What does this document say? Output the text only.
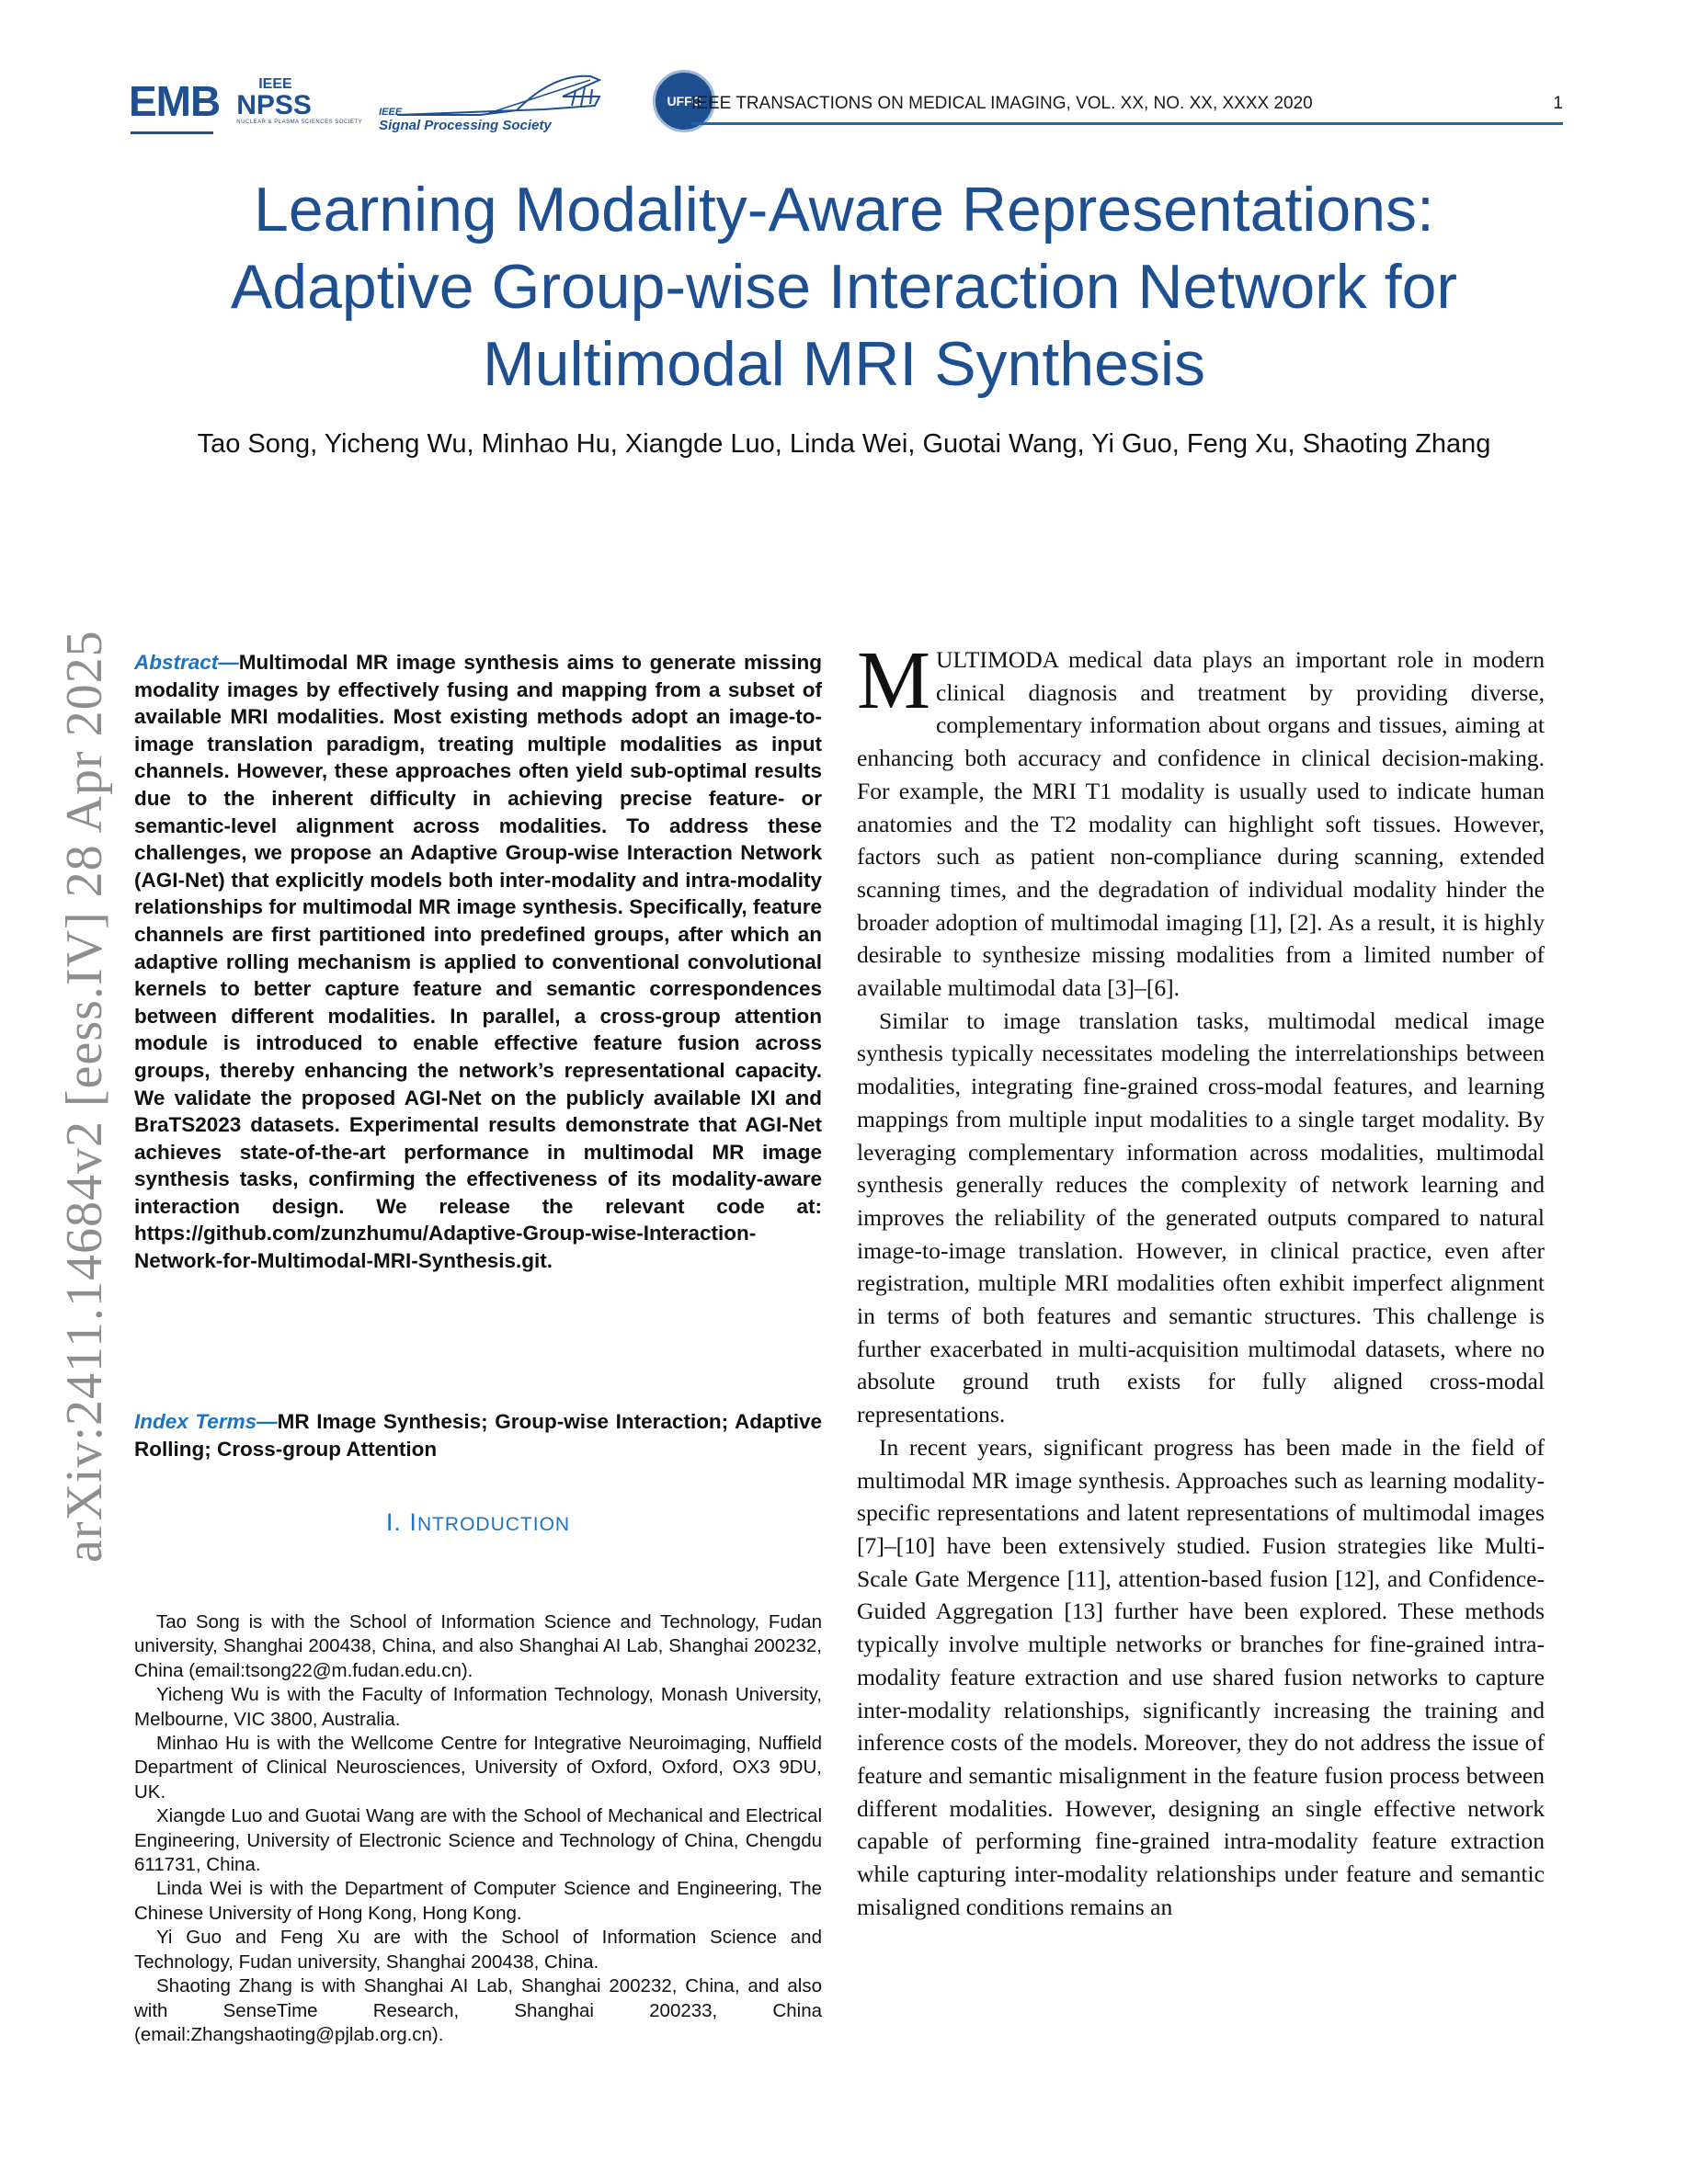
EMB	IEEE
NPSS
NUCLEAR & PLASMA SCIENCES SOCIETY
IEEE
Signal Processing Society
UFFC
IEEE TRANSACTIONS ON MEDICAL IMAGING, VOL. XX, NO. XX, XXXX 2020	1
Learning Modality-Aware Representations:
Adaptive Group-wise Interaction Network for
Multimodal MRI Synthesis
Tao Song, Yicheng Wu, Minhao Hu, Xiangde Luo, Linda Wei, Guotai Wang, Yi Guo, Feng Xu, Shaoting Zhang
arXiv:2411.14684v2 [eess.IV] 28 Apr 2025 Abstract—Multimodal MR image synthesis aims to generate missing modality images by effectively fusing and mapping from a subset of available MRI modalities. Most existing methods adopt an image-to-image translation paradigm, treating multiple modalities as input channels. However, these approaches often yield sub-optimal results due to the inherent difficulty in achieving precise feature- or semantic-level alignment across modalities. To address these challenges, we propose an Adaptive Group-wise Interaction Network (AGI-Net) that explicitly models both inter-modality and intra-modality relationships for multimodal MR image synthesis. Specifically, feature channels are first partitioned into predefined groups, after which an adaptive rolling mechanism is applied to conventional convolutional kernels to better capture feature and semantic correspondences between different modalities. In parallel, a cross-group attention module is introduced to enable effective feature fusion across groups, thereby enhancing the network’s representational capacity. We validate the proposed AGI-Net on the publicly available IXI and BraTS2023 datasets. Experimental results demonstrate that AGI-Net achieves state-of-the-art performance in multimodal MR image synthesis tasks, confirming the effectiveness of its modality-aware interaction design. We release the relevant code at: https://github.com/zunzhumu/Adaptive-Group-wise-Interaction-Network-for-Multimodal-MRI-Synthesis.git.
Index Terms—MR Image Synthesis; Group-wise Interaction; Adaptive Rolling; Cross-group Attention
I. INTRODUCTION

Tao Song is with the School of Information Science and Technology, Fudan university, Shanghai 200438, China, and also Shanghai AI Lab, Shanghai 200232, China (email:tsong22@m.fudan.edu.cn).

Yicheng Wu is with the Faculty of Information Technology, Monash University, Melbourne, VIC 3800, Australia.

Minhao Hu is with the Wellcome Centre for Integrative Neuroimaging, Nuffield Department of Clinical Neurosciences, University of Oxford, Oxford, OX3 9DU, UK.

Xiangde Luo and Guotai Wang are with the School of Mechanical and Electrical Engineering, University of Electronic Science and Technology of China, Chengdu 611731, China.

Linda Wei is with the Department of Computer Science and Engineering, The Chinese University of Hong Kong, Hong Kong.

Yi Guo and Feng Xu are with the School of Information Science and Technology, Fudan university, Shanghai 200438, China.

Shaoting Zhang is with Shanghai AI Lab, Shanghai 200232, China, and also with SenseTime Research, Shanghai 200233, China (email:Zhangshaoting@pjlab.org.cn).

MULTIMODA medical data plays an important role in modern clinical diagnosis and treatment by providing diverse, complementary information about organs and tissues, aiming at enhancing both accuracy and confidence in clinical decision-making. For example, the MRI T1 modality is usually used to indicate human anatomies and the T2 modality can highlight soft tissues. However, factors such as patient non-compliance during scanning, extended scanning times, and the degradation of individual modality hinder the broader adoption of multimodal imaging [1], [2]. As a result, it is highly desirable to synthesize missing modalities from a limited number of available multimodal data [3]–[6].

Similar to image translation tasks, multimodal medical image synthesis typically necessitates modeling the interrelationships between modalities, integrating fine-grained cross-modal features, and learning mappings from multiple input modalities to a single target modality. By leveraging complementary information across modalities, multimodal synthesis generally reduces the complexity of network learning and improves the reliability of the generated outputs compared to natural image-to-image translation. However, in clinical practice, even after registration, multiple MRI modalities often exhibit imperfect alignment in terms of both features and semantic structures. This challenge is further exacerbated in multi-acquisition multimodal datasets, where no absolute ground truth exists for fully aligned cross-modal representations.

In recent years, significant progress has been made in the field of multimodal MR image synthesis. Approaches such as learning modality-specific representations and latent representations of multimodal images [7]–[10] have been extensively studied. Fusion strategies like Multi-Scale Gate Mergence [11], attention-based fusion [12], and Confidence-Guided Aggregation [13] further have been explored. These methods typically involve multiple networks or branches for fine-grained intra-modality feature extraction and use shared fusion networks to capture inter-modality relationships, significantly increasing the training and inference costs of the models. Moreover, they do not address the issue of feature and semantic misalignment in the feature fusion process between different modalities. However, designing an single effective network capable of performing fine-grained intra-modality feature extraction while capturing inter-modality relationships under feature and semantic misaligned conditions remains an
